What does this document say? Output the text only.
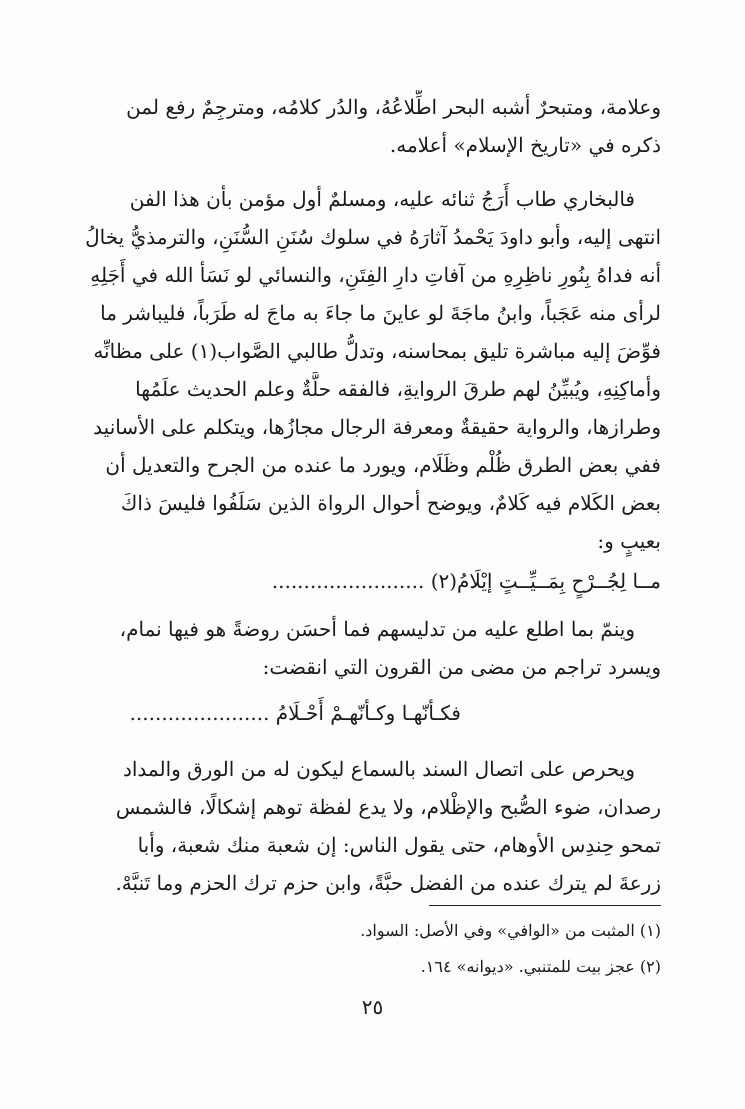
وعلامة، ومتبحرٌ أشبه البحر اطِّلاعُهُ، والدُر كلامُه، ومترجِمٌ رفع لمن
ذكره في «تاريخ الإسلام» أعلامه.
فالبخاري طاب أَرَجُ ثنائه عليه، ومسلمٌ أول مؤمن بأن هذا الفن
انتهى إليه، وأبو داودَ يَحْمدُ آثارَهُ في سلوك سُنَنِ السُّنَنِ، والترمذيُّ يخالُ
أنه فداهُ بِنُورِ ناظِرِهِ من آفاتِ دارِ الفِتَنِ، والنسائي لو نَسَأ الله في أَجَلِهِ
لرأى منه عَجَباً، وابنُ ماجَةَ لو عاينَ ما جاءَ به ماجَ له طَرَباً، فليباشر ما
فوِّضَ إليه مباشرة تليق بمحاسنه، وتدلُّ طالبي الصَّواب(١) على مظانِّه
وأماكِنِهِ، ويُبيِّنُ لهم طرقَ الروايةِ، فالفقه حلَّةٌ وعلم الحديث علَمُها
وطرازها، والرواية حقيقةٌ ومعرفة الرجال مجازُها، ويتكلم على الأسانيد
ففي بعض الطرق ظُلْم وظَلَام، ويورد ما عنده من الجرح والتعديل أن
بعض الكَلام فيه كَلامٌ، ويوضح أحوال الرواة الذين سَلَفُوا فليسَ ذاكَ
بعيبٍ و:
مــا لِجُــرْحٍ بِمَــيِّــتٍ إيْلَامُ(٢) ........................
وينمّ بما اطلع عليه من تدليسهم فما أحسَن روضةً هو فيها نمام،
ويسرد تراجم من مضى من القرون التي انقضت:
فكـأنّهـا وكـأنّهـمْ أَحْـلَامُ ......................
ويحرص على اتصال السند بالسماع ليكون له من الورق والمداد
رصدان، ضوء الصُّبح والإظْلام، ولا يدع لفظة توهم إشكالًا، فالشمس
تمحو حِندِس الأوهام، حتى يقول الناس: إن شعبة منك شعبة، وأبا
زرعةَ لم يترك عنده من الفضل حبَّةً، وابن حزم ترك الحزم وما تَنبَّهْ.
(١) المثبت من «الوافي» وفي الأصل: السواد.
(٢) عجز بيت للمتنبي. «ديوانه» ١٦٤.
٢٥
